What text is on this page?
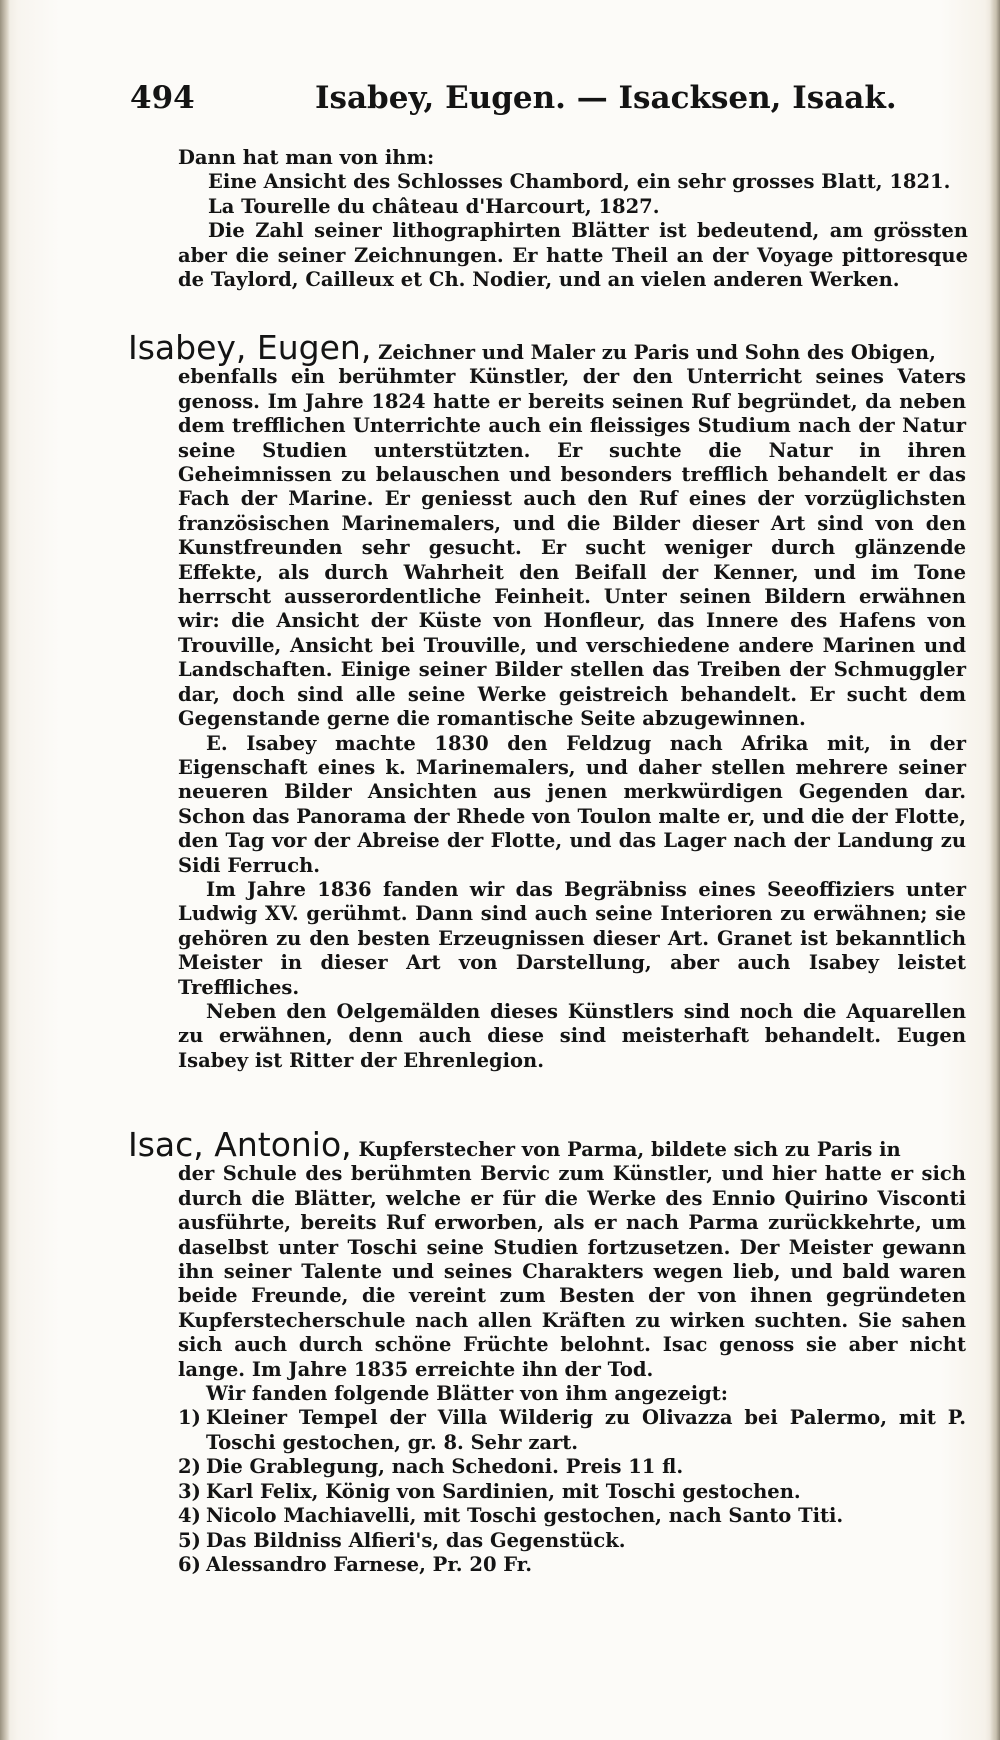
494	Isabey, Eugen. — Isacksen, Isaak.

Dann hat man von ihm:

Eine Ansicht des Schlosses Chambord, ein sehr grosses Blatt, 1821.

La Tourelle du château d'Harcourt, 1827.

Die Zahl seiner lithographirten Blätter ist bedeutend, am grössten aber die seiner Zeichnungen. Er hatte Theil an der Voyage pittoresque de Taylord, Cailleux et Ch. Nodier, und an vielen anderen Werken.

Isabey, Eugen, Zeichner und Maler zu Paris und Sohn des Obigen,

ebenfalls ein berühmter Künstler, der den Unterricht seines Vaters genoss. Im Jahre 1824 hatte er bereits seinen Ruf begründet, da neben dem trefflichen Unterrichte auch ein fleissiges Studium nach der Natur seine Studien unterstützten. Er suchte die Natur in ihren Geheimnissen zu belauschen und besonders trefflich behandelt er das Fach der Marine. Er geniesst auch den Ruf eines der vorzüglichsten französischen Marinemalers, und die Bilder dieser Art sind von den Kunstfreunden sehr gesucht. Er sucht weniger durch glänzende Effekte, als durch Wahrheit den Beifall der Kenner, und im Tone herrscht ausserordentliche Feinheit. Unter seinen Bildern erwähnen wir: die Ansicht der Küste von Honfleur, das Innere des Hafens von Trouville, Ansicht bei Trouville, und verschiedene andere Marinen und Landschaften. Einige seiner Bilder stellen das Treiben der Schmuggler dar, doch sind alle seine Werke geistreich behandelt. Er sucht dem Gegenstande gerne die romantische Seite abzugewinnen.

E. Isabey machte 1830 den Feldzug nach Afrika mit, in der Eigenschaft eines k. Marinemalers, und daher stellen mehrere seiner neueren Bilder Ansichten aus jenen merkwürdigen Gegenden dar. Schon das Panorama der Rhede von Toulon malte er, und die der Flotte, den Tag vor der Abreise der Flotte, und das Lager nach der Landung zu Sidi Ferruch.

Im Jahre 1836 fanden wir das Begräbniss eines Seeoffiziers unter Ludwig XV. gerühmt. Dann sind auch seine Interioren zu erwähnen; sie gehören zu den besten Erzeugnissen dieser Art. Granet ist bekanntlich Meister in dieser Art von Darstellung, aber auch Isabey leistet Treffliches.

Neben den Oelgemälden dieses Künstlers sind noch die Aquarellen zu erwähnen, denn auch diese sind meisterhaft behandelt. Eugen Isabey ist Ritter der Ehrenlegion.

Isac, Antonio, Kupferstecher von Parma, bildete sich zu Paris in

der Schule des berühmten Bervic zum Künstler, und hier hatte er sich durch die Blätter, welche er für die Werke des Ennio Quirino Visconti ausführte, bereits Ruf erworben, als er nach Parma zurückkehrte, um daselbst unter Toschi seine Studien fortzusetzen. Der Meister gewann ihn seiner Talente und seines Charakters wegen lieb, und bald waren beide Freunde, die vereint zum Besten der von ihnen gegründeten Kupferstecherschule nach allen Kräften zu wirken suchten. Sie sahen sich auch durch schöne Früchte belohnt. Isac genoss sie aber nicht lange. Im Jahre 1835 erreichte ihn der Tod.

Wir fanden folgende Blätter von ihm angezeigt:

1) Kleiner Tempel der Villa Wilderig zu Olivazza bei Palermo, mit P. Toschi gestochen, gr. 8. Sehr zart.
2) Die Grablegung, nach Schedoni. Preis 11 fl.
3) Karl Felix, König von Sardinien, mit Toschi gestochen.
4) Nicolo Machiavelli, mit Toschi gestochen, nach Santo Titi.
5) Das Bildniss Alfieri's, das Gegenstück.
6) Alessandro Farnese, Pr. 20 Fr.
